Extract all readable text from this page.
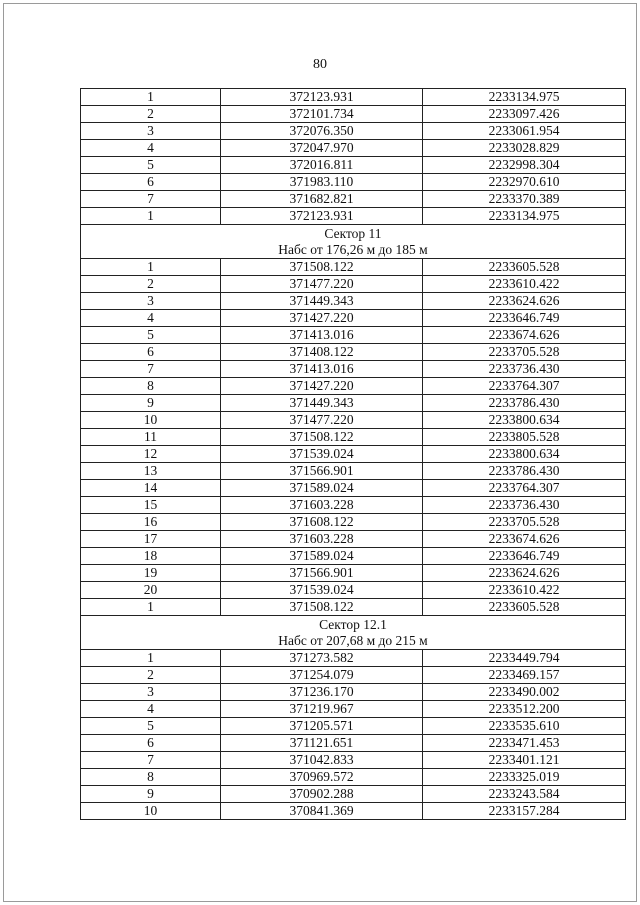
80
1	372123.931	2233134.975
2	372101.734	2233097.426
3	372076.350	2233061.954
4	372047.970	2233028.829
5	372016.811	2232998.304
6	371983.110	2232970.610
7	371682.821	2233370.389
1	372123.931	2233134.975

Сектор 11
Набс от 176,26 м до 185 м		

1	371508.122	2233605.528
2	371477.220	2233610.422
3	371449.343	2233624.626
4	371427.220	2233646.749
5	371413.016	2233674.626
6	371408.122	2233705.528
7	371413.016	2233736.430
8	371427.220	2233764.307
9	371449.343	2233786.430
10	371477.220	2233800.634
11	371508.122	2233805.528
12	371539.024	2233800.634
13	371566.901	2233786.430
14	371589.024	2233764.307
15	371603.228	2233736.430
16	371608.122	2233705.528
17	371603.228	2233674.626
18	371589.024	2233646.749
19	371566.901	2233624.626
20	371539.024	2233610.422
1	371508.122	2233605.528

Сектор 12.1
Набс от 207,68 м до 215 м		

1	371273.582	2233449.794
2	371254.079	2233469.157
3	371236.170	2233490.002
4	371219.967	2233512.200
5	371205.571	2233535.610
6	371121.651	2233471.453
7	371042.833	2233401.121
8	370969.572	2233325.019
9	370902.288	2233243.584
10	370841.369	2233157.284
